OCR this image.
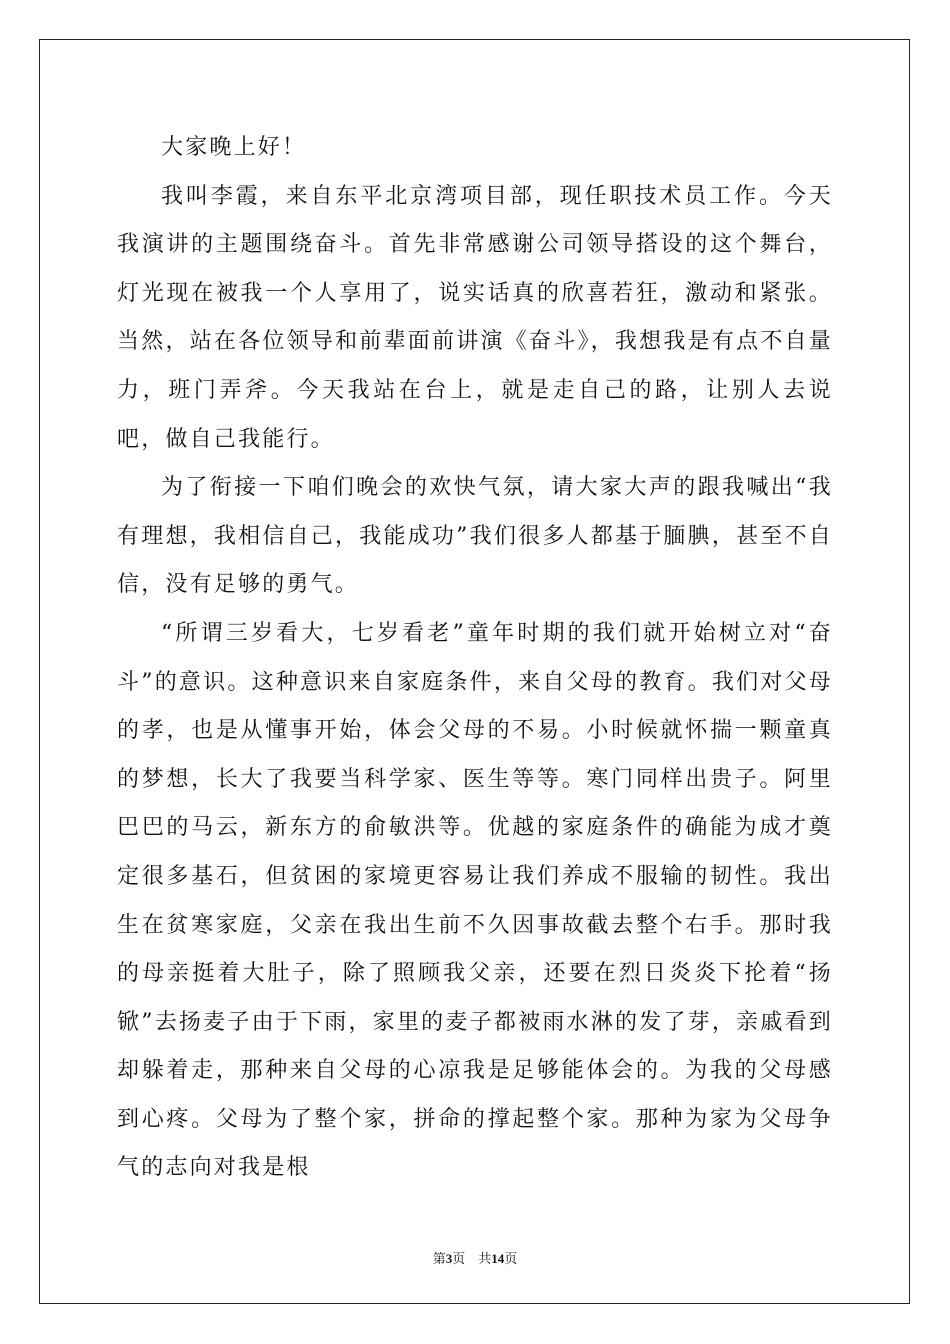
大家晚上好！

我叫李霞，来自东平北京湾项目部，现任职技术员工作。今天我演讲的主题围绕奋斗。首先非常感谢公司领导搭设的这个舞台，灯光现在被我一个人享用了，说实话真的欣喜若狂，激动和紧张。当然，站在各位领导和前辈面前讲演《奋斗》，我想我是有点不自量力，班门弄斧。今天我站在台上，就是走自己的路，让别人去说吧，做自己我能行。

为了衔接一下咱们晚会的欢快气氛，请大家大声的跟我喊出“我有理想，我相信自己，我能成功”我们很多人都基于腼腆，甚至不自信，没有足够的勇气。

“所谓三岁看大，七岁看老”童年时期的我们就开始树立对“奋斗”的意识。这种意识来自家庭条件，来自父母的教育。我们对父母的孝，也是从懂事开始，体会父母的不易。小时候就怀揣一颗童真的梦想，长大了我要当科学家、医生等等。寒门同样出贵子。阿里巴巴的马云，新东方的俞敏洪等。优越的家庭条件的确能为成才奠定很多基石，但贫困的家境更容易让我们养成不服输的韧性。我出生在贫寒家庭，父亲在我出生前不久因事故截去整个右手。那时我的母亲挺着大肚子，除了照顾我父亲，还要在烈日炎炎下抡着“扬锨”去扬麦子由于下雨，家里的麦子都被雨水淋的发了芽，亲戚看到却躲着走，那种来自父母的心凉我是足够能体会的。为我的父母感到心疼。父母为了整个家，拼命的撑起整个家。那种为家为父母争气的志向对我是根

第3页　共14页
